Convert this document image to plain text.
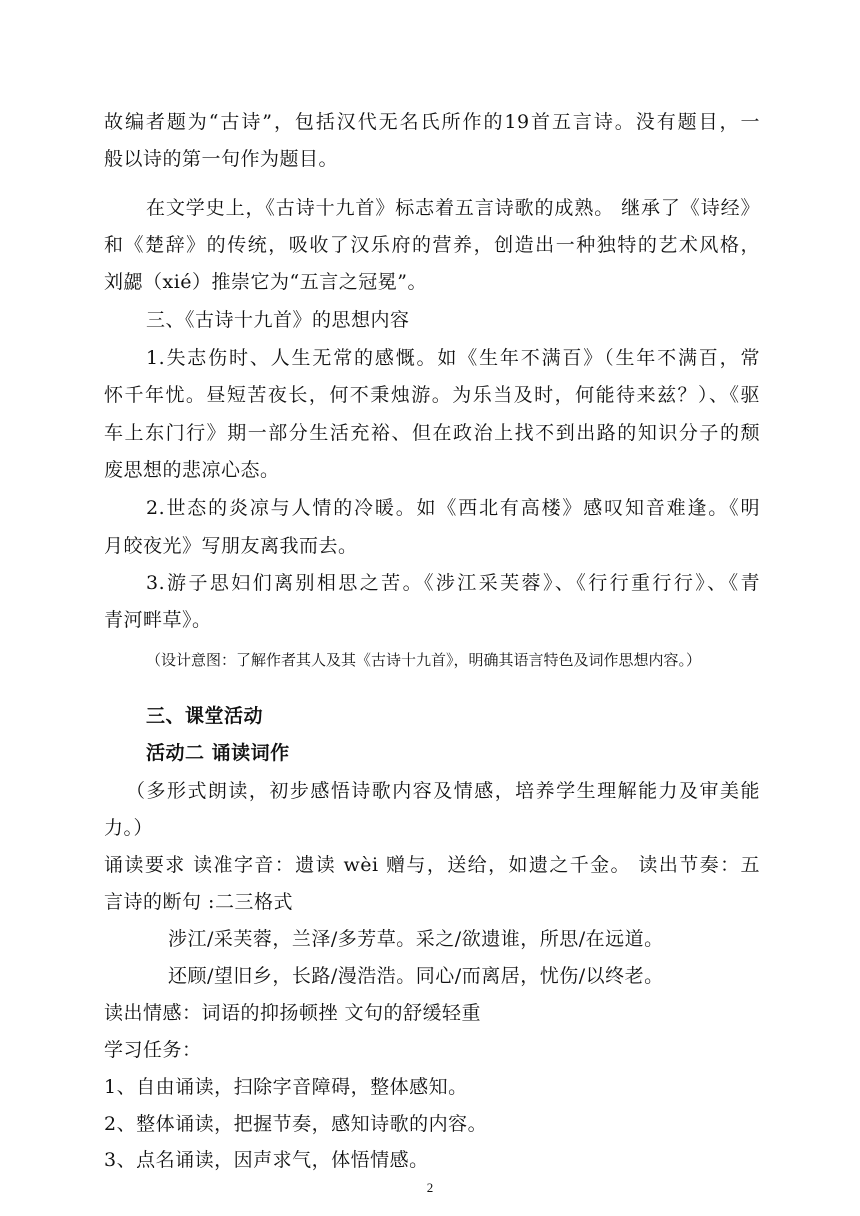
故编者题为“古诗”，包括汉代无名氏所作的19首五言诗。没有题目，一
般以诗的第一句作为题目。
在文学史上，《古诗十九首》标志着五言诗歌的成熟。 继承了《诗经》
和《楚辞》的传统，吸收了汉乐府的营养，创造出一种独特的艺术风格，
刘勰（xié）推崇它为“五言之冠冕”。
三、《古诗十九首》的思想内容
1.失志伤时、人生无常的感慨。如《生年不满百》（生年不满百，常
怀千年忧。昼短苦夜长，何不秉烛游。为乐当及时，何能待来兹？）、《驱
车上东门行》期一部分生活充裕、但在政治上找不到出路的知识分子的颓
废思想的悲凉心态。
2.世态的炎凉与人情的冷暖。如《西北有高楼》感叹知音难逢。《明
月皎夜光》写朋友离我而去。
3.游子思妇们离别相思之苦。《涉江采芙蓉》、《行行重行行》、《青
青河畔草》。
（设计意图：了解作者其人及其《古诗十九首》，明确其语言特色及词作思想内容。）
三、课堂活动
活动二 诵读词作
（多形式朗读，初步感悟诗歌内容及情感，培养学生理解能力及审美能
力。）
诵读要求 读准字音：遗读 wèi 赠与，送给，如遗之千金。 读出节奏：五
言诗的断句 :二三格式
涉江/采芙蓉，兰泽/多芳草。采之/欲遗谁，所思/在远道。
还顾/望旧乡，长路/漫浩浩。同心/而离居，忧伤/以终老。
读出情感：词语的抑扬顿挫 文句的舒缓轻重
学习任务：
1、自由诵读，扫除字音障碍，整体感知。
2、整体诵读，把握节奏，感知诗歌的内容。
3、点名诵读，因声求气，体悟情感。
2
